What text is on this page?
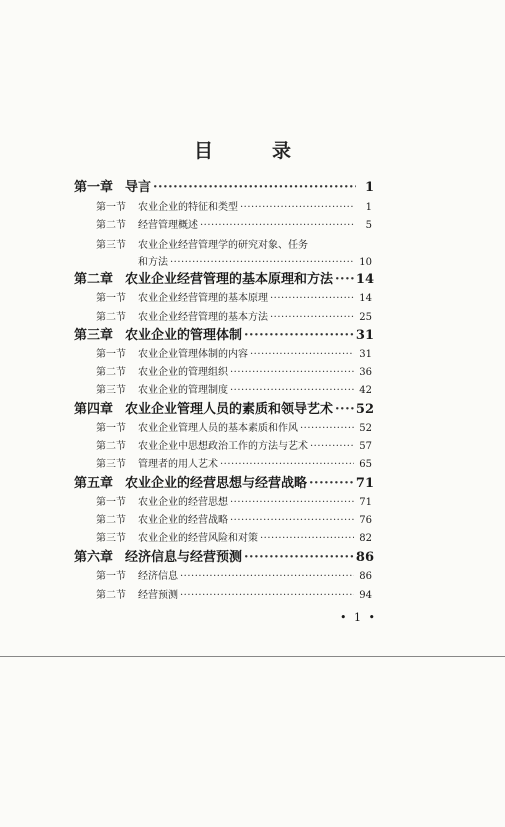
目　录
第一章 导言 ·····	1
第一节 农业企业的特征和类型 ·····	1
第二节 经营管理概述 ·····	5
第三节 农业企业经营管理学的研究对象、任务
和方法 ·····	10
第二章 农业企业经营管理的基本原理和方法 ····· 14
第一节 农业企业经营管理的基本原理 ·····	14
第二节 农业企业经营管理的基本方法 ·····	25
第三章 农业企业的管理体制 ·····	31
第一节 农业企业管理体制的内容 ·····	31
第二节 农业企业的管理组织 ·····	36
第三节 农业企业的管理制度 ·····	42
第四章 农业企业管理人员的素质和领导艺术 ····· 52
第一节 农业企业管理人员的基本素质和作风 ·····	52
第二节 农业企业中思想政治工作的方法与艺术 ·····	57
第三节 管理者的用人艺术 ·····	65
第五章 农业企业的经营思想与经营战略 ·····	71
第一节 农业企业的经营思想 ·····	71
第二节 农业企业的经营战略 ·····	76
第三节 农业企业的经营风险和对策 ·····	82
第六章 经济信息与经营预测 ·····	86
第一节 经济信息 ·····	86
第二节 经营预测 ·····	94
• 1 •
